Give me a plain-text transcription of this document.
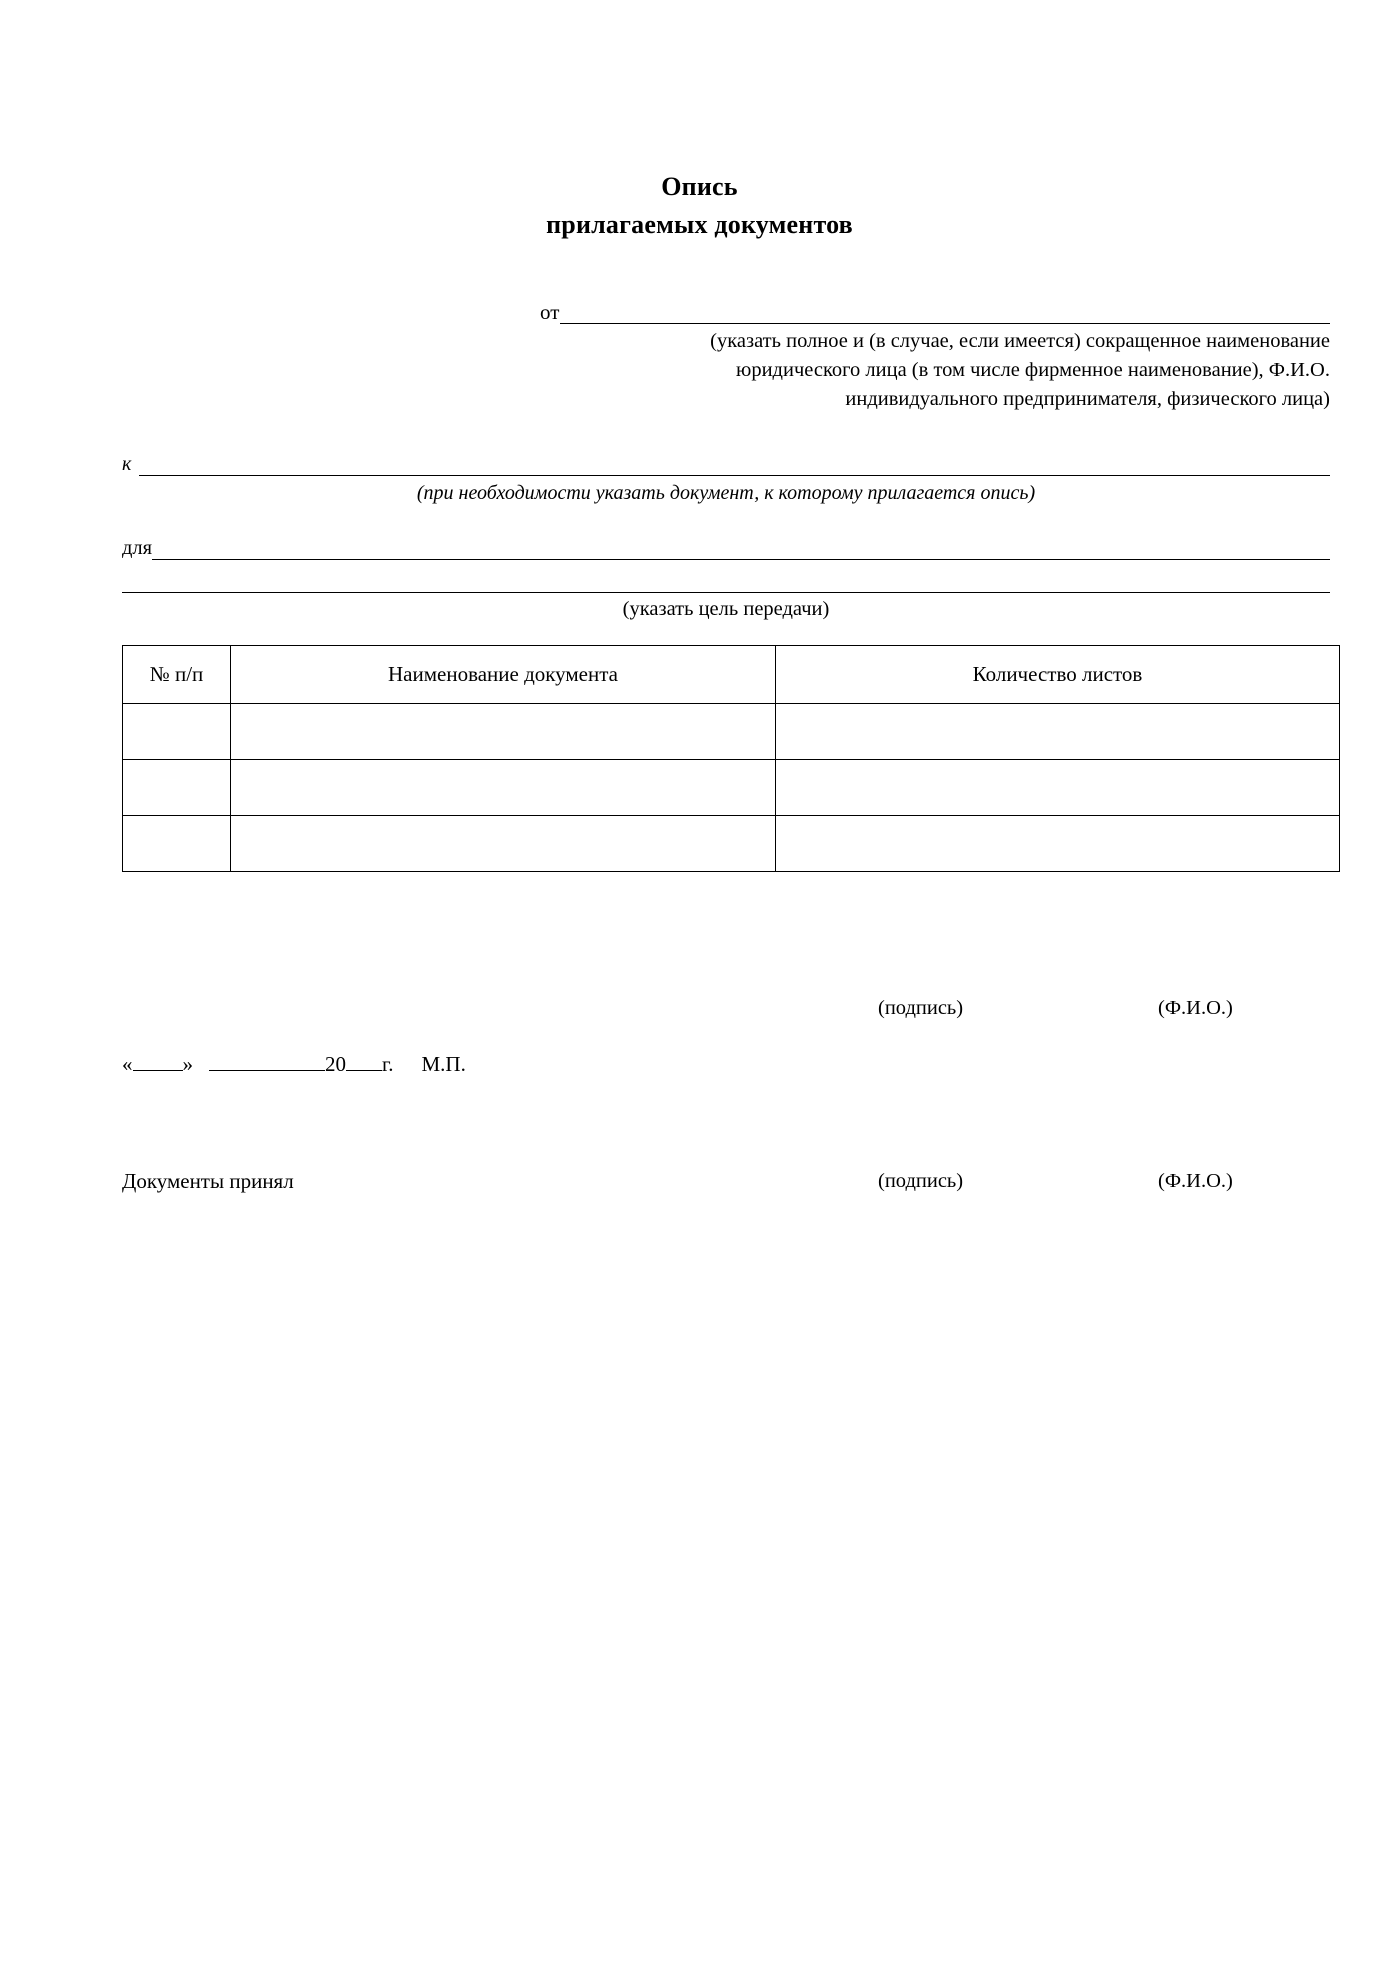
Опись
прилагаемых документов
от
(указать полное и (в случае, если имеется) сокращенное наименование
юридического лица (в том числе фирменное наименование), Ф.И.О.
индивидуального предпринимателя, физического лица)
к
(при необходимости указать документ, к которому прилагается опись)
для
(указать цель передачи)
№ п/п	Наименование документа	Количество листов

(подпись)	(Ф.И.О.)
« »	20 г. М.П.
Документы принял	(подпись)	(Ф.И.О.)
